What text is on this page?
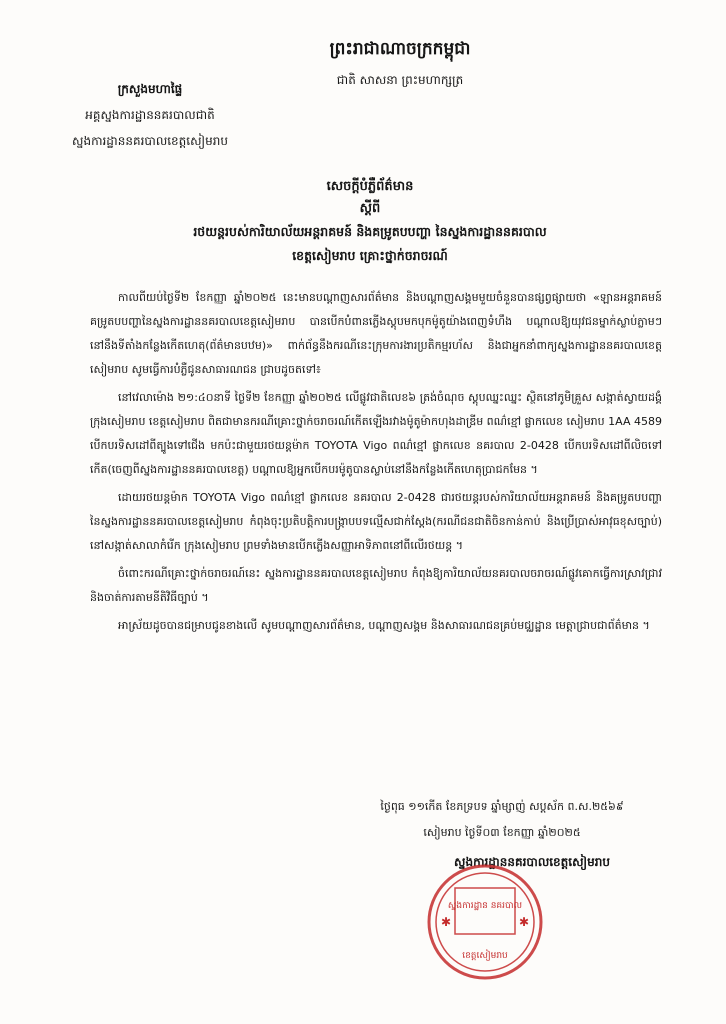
ព្រះរាជាណាចក្រកម្ពុជា
ជាតិ សាសនា ព្រះមហាក្សត្រ
ក្រសួងមហាផ្ទៃ
អគ្គស្នងការដ្ឋាននគរបាលជាតិ
ស្នងការដ្ឋាននគរបាលខេត្តសៀមរាប
សេចក្តីបំភ្លឺព័ត៌មាន
ស្តីពី
រថយន្តរបស់ការិយាល័យអន្តរាគមន៍ និងគម្រូតបបញ្ហា នៃស្នងការដ្ឋាននគរបាល
ខេត្តសៀមរាប គ្រោះថ្នាក់ចរាចរណ៍

កាលពីយប់ថ្ងៃទី២ ខែកញ្ញា ឆ្នាំ២០២៥ នេះមានបណ្តាញសារព័ត៌មាន និងបណ្តាញសង្គមមួយចំនួនបានផ្សព្វផ្សាយថា «ឡានអន្តរាគមន៍គម្រូតបបញ្ហានៃស្នងការដ្ឋាននគរបាលខេត្តសៀមរាប បានបើកបំពានភ្លើងស្តុបមកបុកម៉ូតូយ៉ាងពេញទំហឹង បណ្តាលឱ្យយុវជនម្នាក់ស្លាប់ភ្លាមៗនៅនឹងទីតាំងកន្លែងកើតហេតុ(ព័ត៌មានបឋម)» ពាក់ព័ន្ធនឹងករណីនេះក្រុមការងារប្រតិកម្មរហ័ស និងជាអ្នកនាំពាក្យស្នងការដ្ឋាននគរបាលខេត្តសៀមរាប សូមធ្វើការបំភ្លឺជូនសាធារណជន ជ្រាបដូចតទៅ៖

នៅវេលាម៉ោង ២១:៤០នាទី ថ្ងៃទី២ ខែកញ្ញា ឆ្នាំ២០២៥ លើផ្លូវជាតិលេខ៦ ត្រង់ចំណុច ស្តុបឈ្នះឈ្នះ ស្ថិតនៅភូមិគ្រួស សង្កាត់ស្វាយដង្គំ ក្រុងសៀមរាប ខេត្តសៀមរាប ពិតជាមានករណីគ្រោះថ្នាក់ចរាចរណ៍កើតឡើងរវាងម៉ូតូម៉ាកហុងដាឌ្រីម ពណ៌ខ្មៅ ផ្លាកលេខ សៀមរាប 1AA 4589 បើកបរទិសដៅពីត្បូងទៅជើង មកប៉ះជាមួយរថយន្តម៉ាក TOYOTA Vigo ពណ៌ខ្មៅ ផ្លាកលេខ នគរបាល 2-0428 បើកបរទិសដៅពីលិចទៅកើត(ចេញពីស្នងការដ្ឋាននគរបាលខេត្ត) បណ្តាលឱ្យអ្នកបើកបរម៉ូតូបានស្លាប់នៅនឹងកន្លែងកើតហេតុប្រាជកមែន ។

ដោយរថយន្តម៉ាក TOYOTA Vigo ពណ៌ខ្មៅ ផ្លាកលេខ នគរបាល 2-0428 ជារថយន្តរបស់ការិយាល័យអន្តរាគមន៍ និងគម្រូតបបញ្ហា នៃស្នងការដ្ឋាននគរបាលខេត្តសៀមរាប កំពុងចុះប្រតិបត្តិការបង្ក្រាបបទល្មើសជាក់ស្តែង(ករណីជនជាតិចិនកាន់កាប់ និងប្រើប្រាស់អាវុធខុសច្បាប់) នៅសង្កាត់សាលាកំរើក ក្រុងសៀមរាប ព្រមទាំងមានបើកភ្លើងសញ្ញាអាទិភាពនៅពីលើរថយន្ត ។

ចំពោះករណីគ្រោះថ្នាក់ចរាចរណ៍នេះ ស្នងការដ្ឋាននគរបាលខេត្តសៀមរាប កំពុងឱ្យការិយាល័យនគរបាលចរាចរណ៍ផ្លូវគោកធ្វើការស្រាវជ្រាវ និងចាត់ការតាមនីតិវិធីច្បាប់ ។

អាស្រ័យដូចបានជម្រាបជូនខាងលើ សូមបណ្តាញសារព័ត៌មាន, បណ្តាញសង្គម និងសាធារណជនគ្រប់មជ្ឈដ្ឋាន មេត្តាជ្រាបជាព័ត៌មាន ។

ថ្ងៃពុធ ១១កើត ខែភទ្របទ ឆ្នាំម្សាញ់ សប្តស័ក ព.ស.២៥៦៩
សៀមរាប ថ្ងៃទី០៣ ខែកញ្ញា ឆ្នាំ២០២៥
ស្នងការដ្ឋាននគរបាលខេត្តសៀមរាប
ស្នងការដ្ឋាន នគរបាល
ខេត្តសៀមរាប
✱	✱
